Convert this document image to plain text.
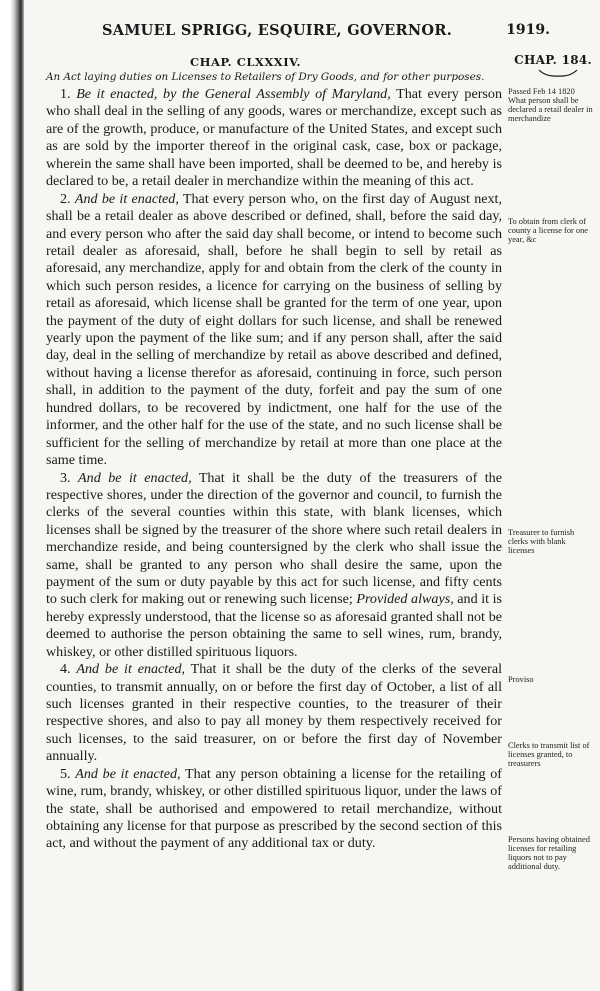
SAMUEL SPRIGG, ESQUIRE, GOVERNOR.	1919.
CHAP. CLXXXIV.	CHAP. 184.
An Act laying duties on Licenses to Retailers of Dry Goods, and for other purposes.

1. Be it enacted, by the General Assembly of Maryland, That every person who shall deal in the selling of any goods, wares or merchandize, except such as are of the growth, produce, or manufacture of the United States, and except such as are sold by the importer thereof in the original cask, case, box or package, wherein the same shall have been imported, shall be deemed to be, and hereby is declared to be, a retail dealer in merchandize within the meaning of this act.

2. And be it enacted, That every person who, on the first day of August next, shall be a retail dealer as above described or defined, shall, before the said day, and every person who after the said day shall become, or intend to become such retail dealer as aforesaid, shall, before he shall begin to sell by retail as aforesaid, any merchandize, apply for and obtain from the clerk of the county in which such person resides, a licence for carrying on the business of selling by retail as aforesaid, which license shall be granted for the term of one year, upon the payment of the duty of eight dollars for such license, and shall be renewed yearly upon the payment of the like sum; and if any person shall, after the said day, deal in the selling of merchandize by retail as above described and defined, without having a license therefor as aforesaid, continuing in force, such person shall, in addition to the payment of the duty, forfeit and pay the sum of one hundred dollars, to be recovered by indictment, one half for the use of the informer, and the other half for the use of the state, and no such license shall be sufficient for the selling of merchandize by retail at more than one place at the same time.

3. And be it enacted, That it shall be the duty of the treasurers of the respective shores, under the direction of the governor and council, to furnish the clerks of the several counties within this state, with blank licenses, which licenses shall be signed by the treasurer of the shore where such retail dealers in merchandize reside, and being countersigned by the clerk who shall issue the same, shall be granted to any person who shall desire the same, upon the payment of the sum or duty payable by this act for such license, and fifty cents to such clerk for making out or renewing such license; Provided always, and it is hereby expressly understood, that the license so as aforesaid granted shall not be deemed to authorise the person obtaining the same to sell wines, rum, brandy, whiskey, or other distilled spirituous liquors.

4. And be it enacted, That it shall be the duty of the clerks of the several counties, to transmit annually, on or before the first day of October, a list of all such licenses granted in their respective counties, to the treasurer of their respective shores, and also to pay all money by them respectively received for such licenses, to the said treasurer, on or before the first day of November annually.

5. And be it enacted, That any person obtaining a license for the retailing of wine, rum, brandy, whiskey, or other distilled spirituous liquor, under the laws of the state, shall be authorised and empowered to retail merchandize, without obtaining any license for that purpose as prescribed by the second section of this act, and without the payment of any additional tax or duty.

Passed Feb 14 1820 What person shall be declared a retail dealer in merchandize
To obtain from clerk of county a license for one year, &c
Treasurer to furnish clerks with blank licenses
Proviso
Clerks to transmit list of licenses granted, to treasurers
Persons having obtained licenses for retailing liquors not to pay additional duty.
